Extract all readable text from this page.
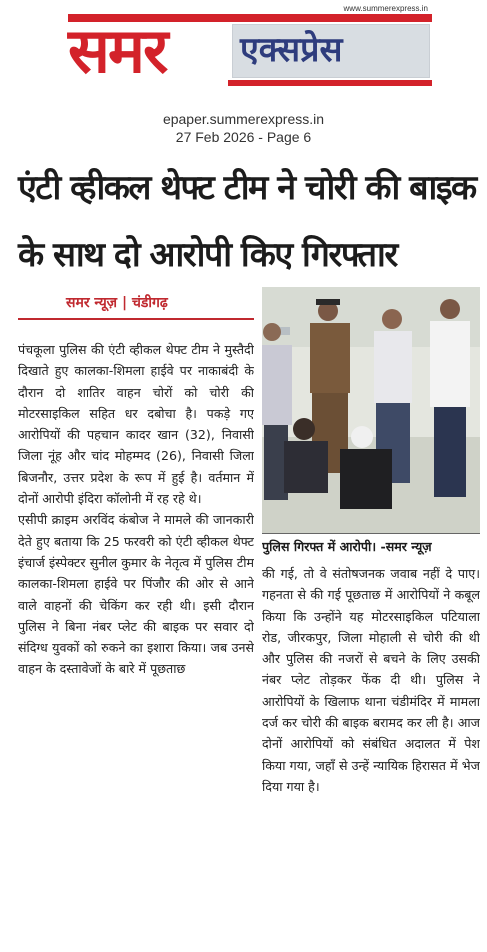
समर	एक्सप्रेस
www.summerexpress.in
epaper.summerexpress.in
27 Feb 2026 - Page 6
एंटी व्हीकल थेफ्ट टीम ने चोरी की बाइक
के साथ दो आरोपी किए गिरफ्तार
समर न्यूज़ | चंडीगढ़

पंचकूला पुलिस की एंटी व्हीकल थेफ्ट टीम ने मुस्तैदी दिखाते हुए कालका-शिमला हाईवे पर नाकाबंदी के दौरान दो शातिर वाहन चोरों को चोरी की मोटरसाइकिल सहित धर दबोचा है। पकड़े गए आरोपियों की पहचान कादर खान (32), निवासी जिला नूंह और चांद मोहम्मद (26), निवासी जिला बिजनौर, उत्तर प्रदेश के रूप में हुई है। वर्तमान में दोनों आरोपी इंदिरा कॉलोनी में रह रहे थे।

एसीपी क्राइम अरविंद कंबोज ने मामले की जानकारी देते हुए बताया कि 25 फरवरी को एंटी व्हीकल थेफ्ट इंचार्ज इंस्पेक्टर सुनील कुमार के नेतृत्व में पुलिस टीम कालका-शिमला हाईवे पर पिंजौर की ओर से आने वाले वाहनों की चेकिंग कर रही थी। इसी दौरान पुलिस ने बिना नंबर प्लेट की बाइक पर सवार दो संदिग्ध युवकों को रुकने का इशारा किया। जब उनसे वाहन के दस्तावेजों के बारे में पूछताछ

पुलिस गिरफ्त में आरोपी। -समर न्यूज़

की गई, तो वे संतोषजनक जवाब नहीं दे पाए। गहनता से की गई पूछताछ में आरोपियों ने कबूल किया कि उन्होंने यह मोटरसाइकिल पटियाला रोड, जीरकपुर, जिला मोहाली से चोरी की थी और पुलिस की नजरों से बचने के लिए उसकी नंबर प्लेट तोड़कर फेंक दी थी। पुलिस ने आरोपियों के खिलाफ थाना चंडीमंदिर में मामला दर्ज कर चोरी की बाइक बरामद कर ली है। आज दोनों आरोपियों को संबंधित अदालत में पेश किया गया, जहाँ से उन्हें न्यायिक हिरासत में भेज दिया गया है।
